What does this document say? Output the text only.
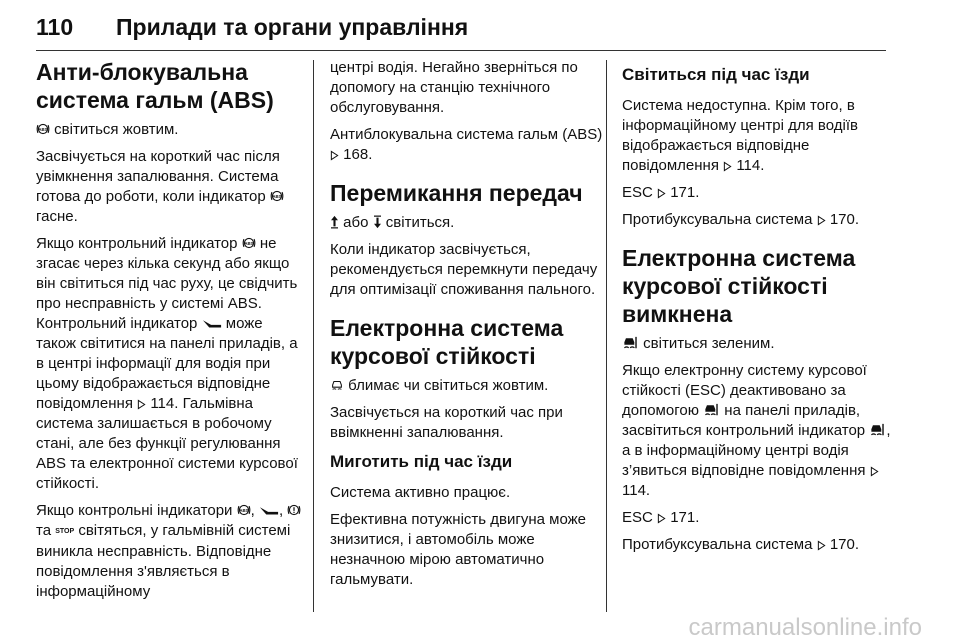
110 Прилади та органи управління
Анти-блокувальна система гальм (ABS)

світиться жовтим.

Засвічується на короткий час після увімкнення запалювання. Система готова до роботи, коли індикатор  гасне.

Якщо контрольний індикатор не згасає через кілька секунд або якщо він світиться під час руху, це свідчить про несправність у системі ABS. Контрольний індикатор може також світитися на панелі приладів, а в центрі інформації для водія при цьому відображається відповідне повідомлення 114. Гальмівна система залишається в робочому стані, але без функції регулювання ABS та електронної системи курсової стійкості.

Якщо контрольні індикатори , ,  та STOP світяться, у гальмівній системі виникла несправність. Відповідне повідомлення з'являється в інформаційному

центрі водія. Негайно зверніться по допомогу на станцію технічного обслуговування.

Антиблокувальна система гальм (ABS)  168.

Перемикання передач

або світиться.

Коли індикатор засвічується, рекомендується перемкнути передачу для оптимізації споживання пального.

Електронна система курсової стійкості

блимає чи світиться жовтим.

Засвічується на короткий час при ввімкненні запалювання.

Миготить під час їзди

Система активно працює.

Ефективна потужність двигуна може знизитися, і автомобіль може незначною мірою автоматично гальмувати.

Світиться під час їзди

Система недоступна. Крім того, в інформаційному центрі для водіїв відображається відповідне повідомлення 114.

ESC 171.

Протибуксувальна система 170.

Електронна система курсової стійкості вимкнена

світиться зеленим.

Якщо електронну систему курсової стійкості (ESC) деактивовано за допомогою на панелі приладів, засвітиться контрольний індикатор , а в інформаційному центрі водія з’явиться відповідне повідомлення  114.

ESC 171.

Протибуксувальна система 170.

carmanualsonline.info
